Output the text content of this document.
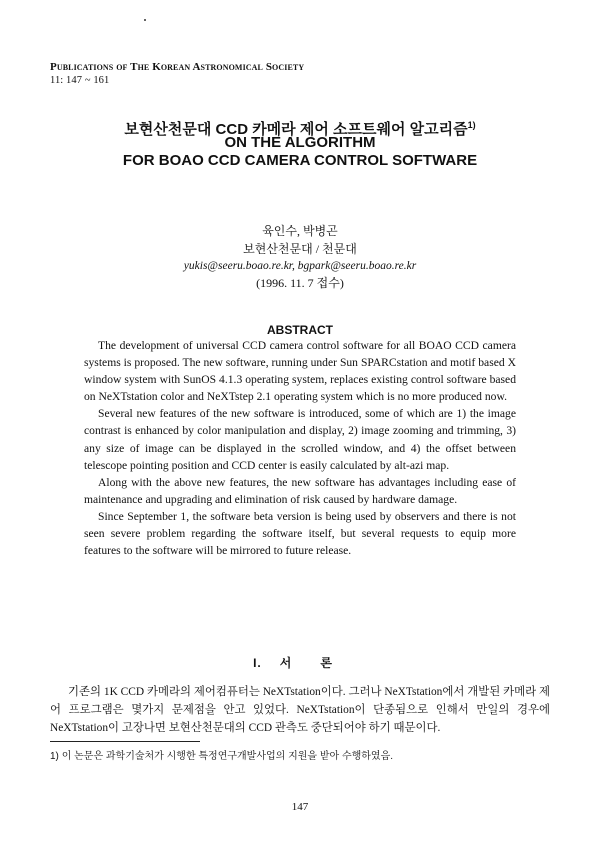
Publications of The Korean Astronomical Society
11: 147 ~ 161
보현산천문대 CCD 카메라 제어 소프트웨어 알고리즘$^{1)}$
ON THE ALGORITHM
FOR BOAO CCD CAMERA CONTROL SOFTWARE
육인수, 박병곤
보현산천문대 / 천문대
yukis@seeru.boao.re.kr, bgpark@seeru.boao.re.kr
(1996. 11. 7 접수)
ABSTRACT

The development of universal CCD camera control software for all BOAO CCD camera systems is proposed. The new software, running under Sun SPARCstation and motif based X window system with SunOS 4.1.3 operating system, replaces existing control software based on NeXTstation color and NeXTstep 2.1 operating system which is no more produced now.

Several new features of the new software is introduced, some of which are 1) the image contrast is enhanced by color manipulation and display, 2) image zooming and trimming, 3) any size of image can be displayed in the scrolled window, and 4) the offset between telescope pointing position and CCD center is easily calculated by alt-azi map.

Along with the above new features, the new software has advantages including ease of maintenance and upgrading and elimination of risk caused by hardware damage.

Since September 1, the software beta version is being used by observers and there is not seen severe problem regarding the software itself, but several requests to equip more features to the software will be mirrored to future release.

I. 서 론

기존의 1K CCD 카메라의 제어컴퓨터는 NeXTstation이다. 그러나 NeXTstation에서 개발된 카메라 제어 프로그램은 몇가지 문제점을 안고 있었다. NeXTstation이 단종됨으로 인해서 만일의 경우에 NeXTstation이 고장나면 보현산천문대의 CCD 관측도 중단되어야 하기 때문이다.

1) 이 논문은 과학기술처가 시행한 특정연구개발사업의 지원을 받아 수행하였음.
147
